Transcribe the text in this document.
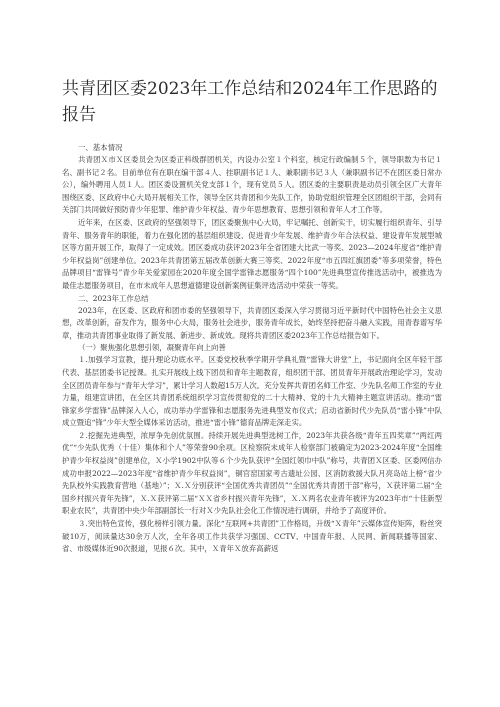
共青团区委2023年工作总结和2024年工作思路的报告
一、基本情况

共青团Ｘ市Ｘ区委员会为区委正科级群团机关，内设办公室１个科室，核定行政编制５个，领导职数为书记１名、副书记２名。目前单位有在职在编干部４人、挂职副书记１人、兼职副书记３人（兼职副书记不在团区委日常办公），编外聘用人员１人。团区委设置机关党支部１个，现有党员５人。团区委的主要职责是动员引领全区广大青年围绕区委、区政府中心大局开展相关工作，领导全区共青团和少先队工作，协助党组织管理全区团组织干部，会同有关部门共同做好预防青少年犯罪、维护青少年权益、青少年思想教育、思想引领和青年人才工作等。

近年来，在区委、区政府的坚强领导下，团区委聚焦中心大局，牢记嘱托、创新实干，切实履行组织青年、引导青年、服务青年的职能，着力在强化团的基层组织建设、促进青少年发展、维护青少年合法权益、建设青年发展型城区等方面开展工作，取得了一定成效。团区委成功获评2023年全省团建大比武一等奖、2023—2024年度省“维护青少年权益岗”创建单位。2023年共青团第五届改革创新大赛三等奖、2022年度“市五四红旗团委”等多项荣誉，特色品牌项目“雷锋号”青少年关爱家园在2020年度全国学雷锋志愿服务“四个100”先进典型宣传推选活动中，被推选为最佳志愿服务项目，在市未成年人思想道德建设创新案例征集评选活动中荣获一等奖。

二、2023年工作总结

2023年，在区委、区政府和团市委的坚强领导下，共青团区委深入学习贯彻习近平新时代中国特色社会主义思想，改革创新，奋发作为，服务中心大局，服务社会进步，服务青年成长，始终坚持把奋斗融入实践，用青春谱写华章，推动共青团事业取得了新发展、新进步、新成效。现将共青团区委2023年工作总结报告如下。

（一）聚焦强化思想引领，凝聚青年向上向善

１.加强学习宣教，提升理论功底水平。区委党校秋季学期开学典礼暨“雷锋大讲堂”上，书记面向全区年轻干部代表、基层团委书记授课。扎实开展线上线下团员和青年主题教育，组织团干部、团员青年开展政治理论学习，发动全区团员青年参与“青年大学习”，累计学习人数超15万人次。充分发挥共青团名师工作室、少先队名师工作室的专业力量，组建宣讲团，在全区共青团系统组织学习宣传贯彻党的二十大精神、党的十九大精神主题宣讲活动。推动“雷锋家乡学雷锋”品牌深入人心，成功举办学雷锋和志愿服务先进典型发布仪式；启动省新时代少先队员“雷小锋”中队成立暨追“锋”少年大型全媒体采访活动，推进“雷小锋”德育品牌走深走实。

２.挖掘先进典型，浓厚争先创优氛围。持续开展先进典型选树工作，2023年共获各级“青年五四奖章”“两红两优”“少先队优秀（十佳）集体和个人”等荣誉90余项。区检察院未成年人检察部门被确定为2023-2024年度“全国维护青少年权益岗”创建单位，Ｘ小学1902中队等６个少先队获评“全国红领巾中队”称号，共青团Ｘ区委、区委网信办成功申报2022—2023年度“省维护青少年权益岗”，铜官窑国家考古遗址公园、区消防救援大队月亮岛站上榜“省少先队校外实践教育营地（基地）”；Ｘ.Ｘ分别获评“全国优秀共青团员”“全国优秀共青团干部”称号，Ｘ获评第二届“全国乡村振兴青年先锋”，Ｘ.Ｘ获评第二届“ＸＸ省乡村振兴青年先锋”，Ｘ.Ｘ两名农业青年被评为2023年市“十佳新型职业农民”，共青团中央少年部副部长一行对Ｘ少先队社会化工作情况进行调研，并给予了高度评价。

３.突出特色宣传，强化榜样引领力量。深化“互联网+共青团”工作格局，升级“Ｘ青年”云媒体宣传矩阵，粉丝突破10万，阅读量达30余万人次，全年各项工作共获学习强国、CCTV、中国青年报、人民网、新闻联播等国家、省、市级媒体近90次报道，见报６次。其中，Ｘ青年Ｘ放弃高薪返
